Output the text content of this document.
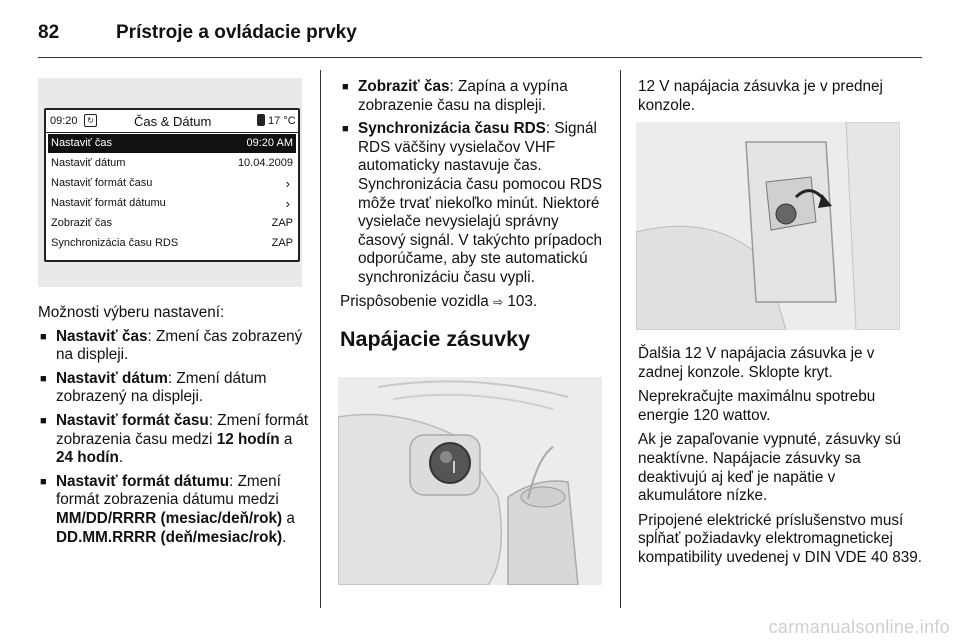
82	Prístroje a ovládacie prvky
09:20	↻	Čas & Dátum	17 °C
Nastaviť čas	09:20 AM
Nastaviť dátum	10.04.2009
Nastaviť formát času	›
Nastaviť formát dátumu	›
Zobraziť čas	ZAP
Synchronizácia času RDS	ZAP

Možnosti výberu nastavení:

■ Nastaviť čas: Zmení čas zobrazený na displeji.
■ Nastaviť dátum: Zmení dátum zobrazený na displeji.
■ Nastaviť formát času: Zmení formát zobrazenia času medzi 12 hodín a 24 hodín.
■ Nastaviť formát dátumu: Zmení formát zobrazenia dátumu medzi MM/DD/RRRR (mesiac/deň/rok) a DD.MM.RRRR (deň/mesiac/rok).
■ Zobraziť čas: Zapína a vypína zobrazenie času na displeji.
■ Synchronizácia času RDS: Signál RDS väčšiny vysielačov VHF automaticky nastavuje čas. Synchronizácia času pomocou RDS môže trvať niekoľko minút. Niektoré vysielače nevysielajú správny časový signál. V takýchto prípadoch odporúčame, aby ste automatickú synchronizáciu času vypli.

Prispôsobenie vozidla ⇨ 103.

Napájacie zásuvky

12 V napájacia zásuvka je v prednej konzole.

Ďalšia 12 V napájacia zásuvka je v zadnej konzole. Sklopte kryt.

Neprekračujte maximálnu spotrebu energie 120 wattov.

Ak je zapaľovanie vypnuté, zásuvky sú neaktívne. Napájacie zásuvky sa deaktivujú aj keď je napätie v akumulátore nízke.

Pripojené elektrické príslušenstvo musí spĺňať požiadavky elektromagnetickej kompatibility uvedenej v DIN VDE 40 839.

carmanualsonline.info
